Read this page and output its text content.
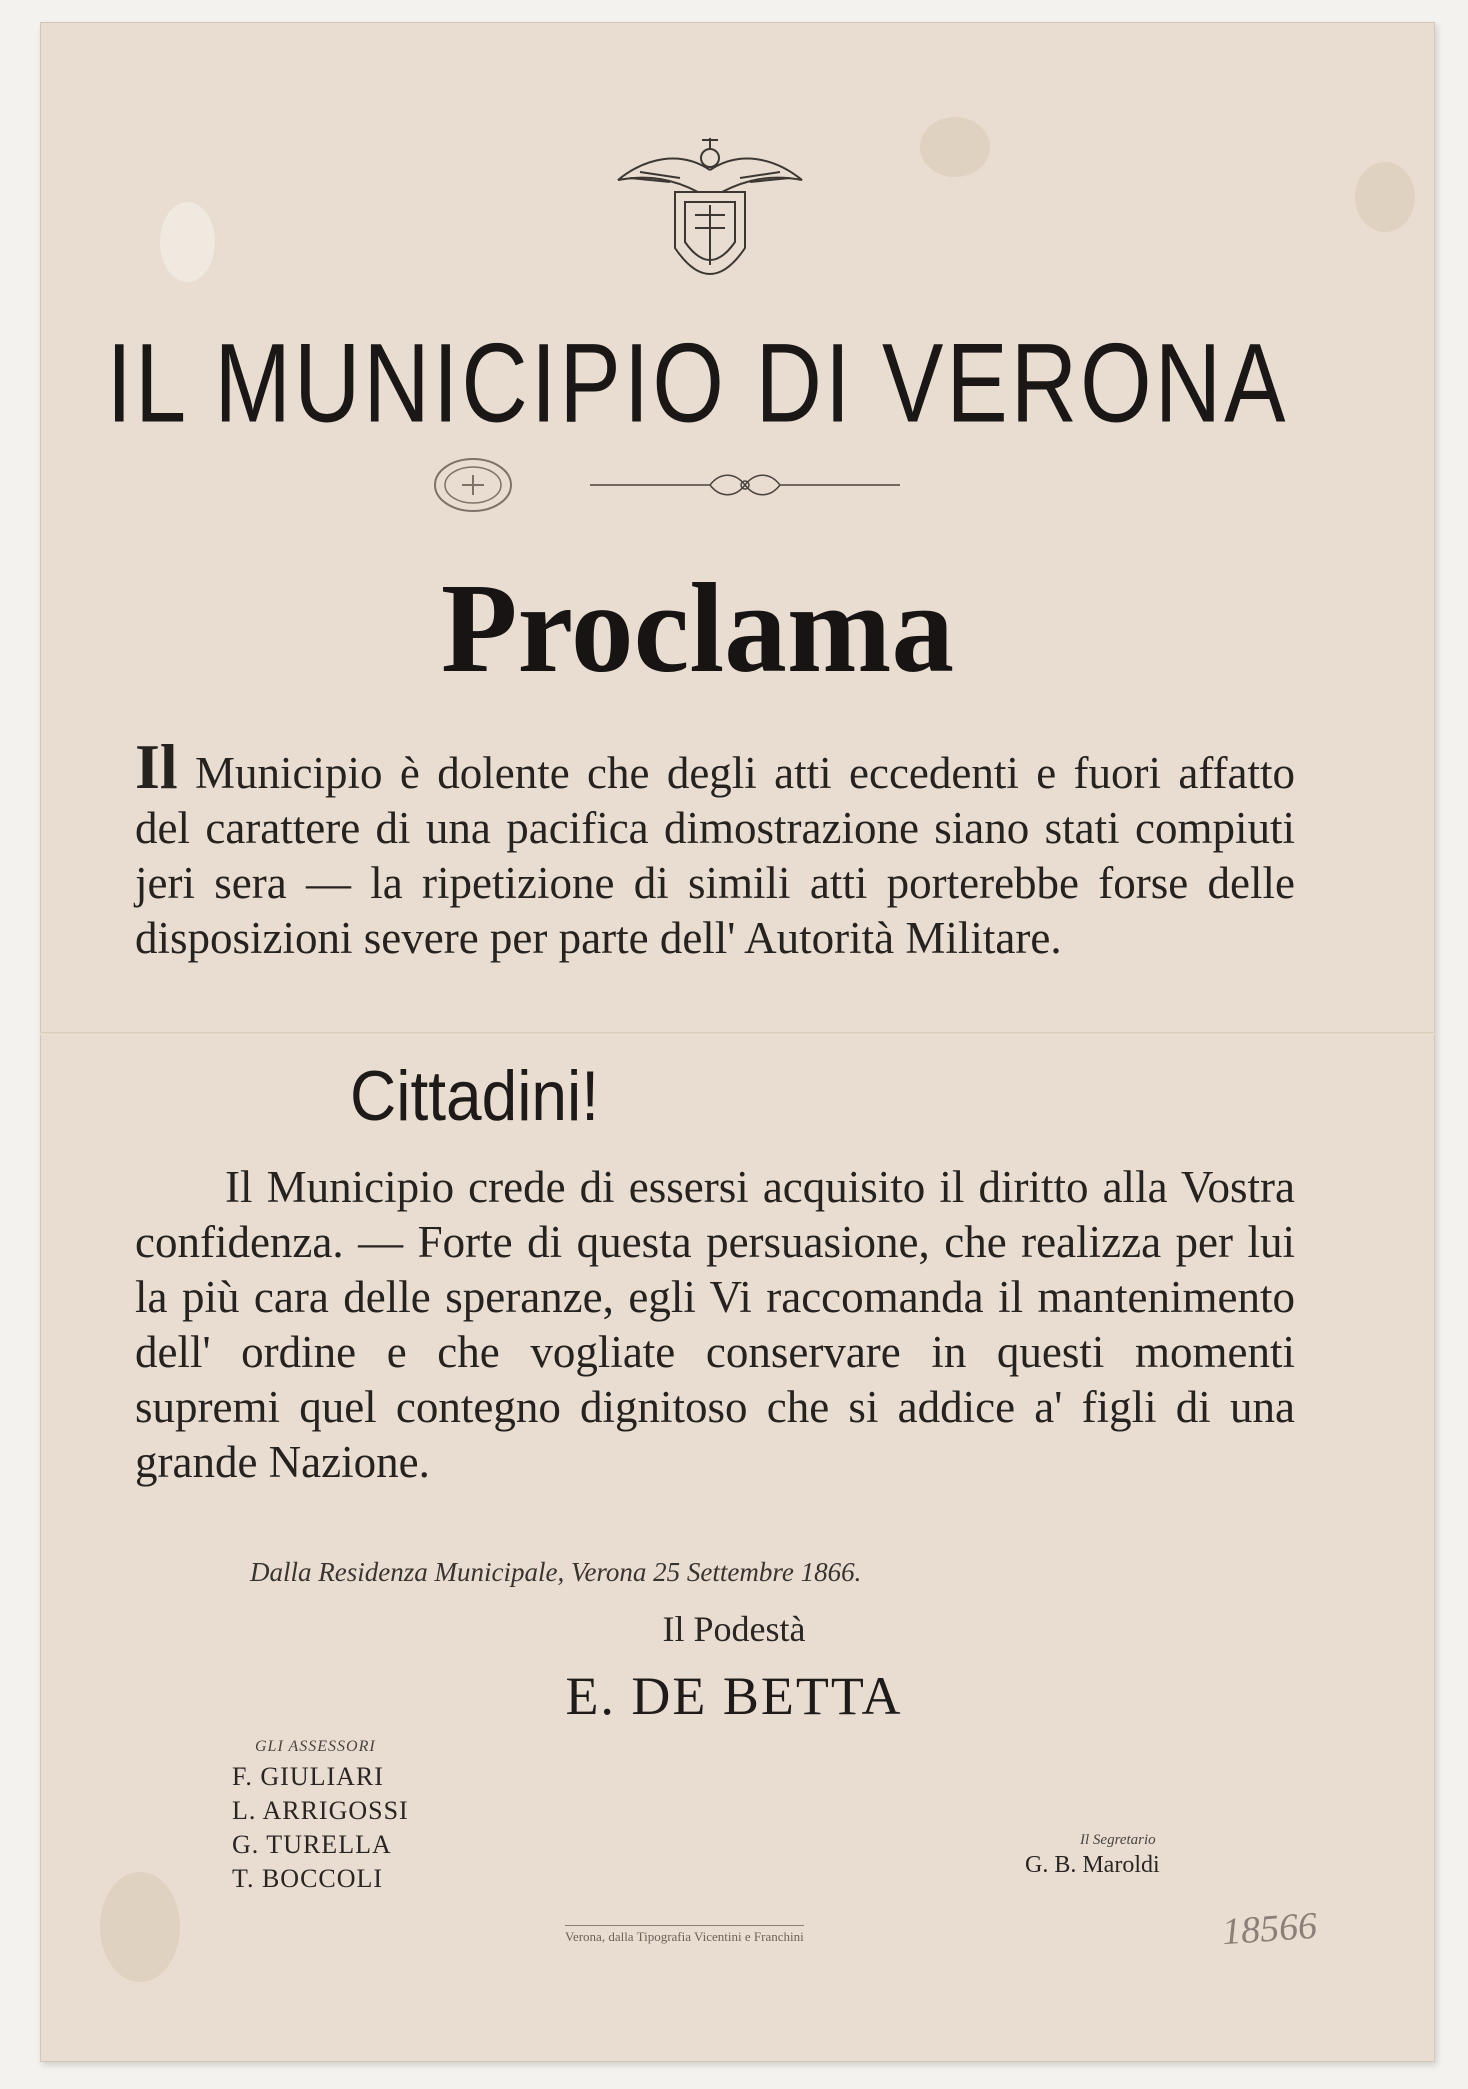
IL MUNICIPIO DI VERONA
Proclama
Il Municipio è dolente che degli atti eccedenti e fuori affatto del carattere di una pacifica dimostrazione siano stati compiuti jeri sera — la ripetizione di simili atti porterebbe forse delle disposizioni severe per parte dell' Autorità Militare.
Cittadini!
Il Municipio crede di essersi acquisito il diritto alla Vostra confidenza. — Forte di questa persuasione, che realizza per lui la più cara delle speranze, egli Vi raccomanda il mantenimento dell' ordine e che vogliate conservare in questi momenti supremi quel contegno dignitoso che si addice a' figli di una grande Nazione.
Dalla Residenza Municipale, Verona 25 Settembre 1866.
Il Podestà
E. DE BETTA
GLI ASSESSORI
F. GIULIARI
L. ARRIGOSSI
G. TURELLA
T. BOCCOLI
Il Segretario
G. B. Maroldi
Verona, dalla Tipografia Vicentini e Franchini	18566
